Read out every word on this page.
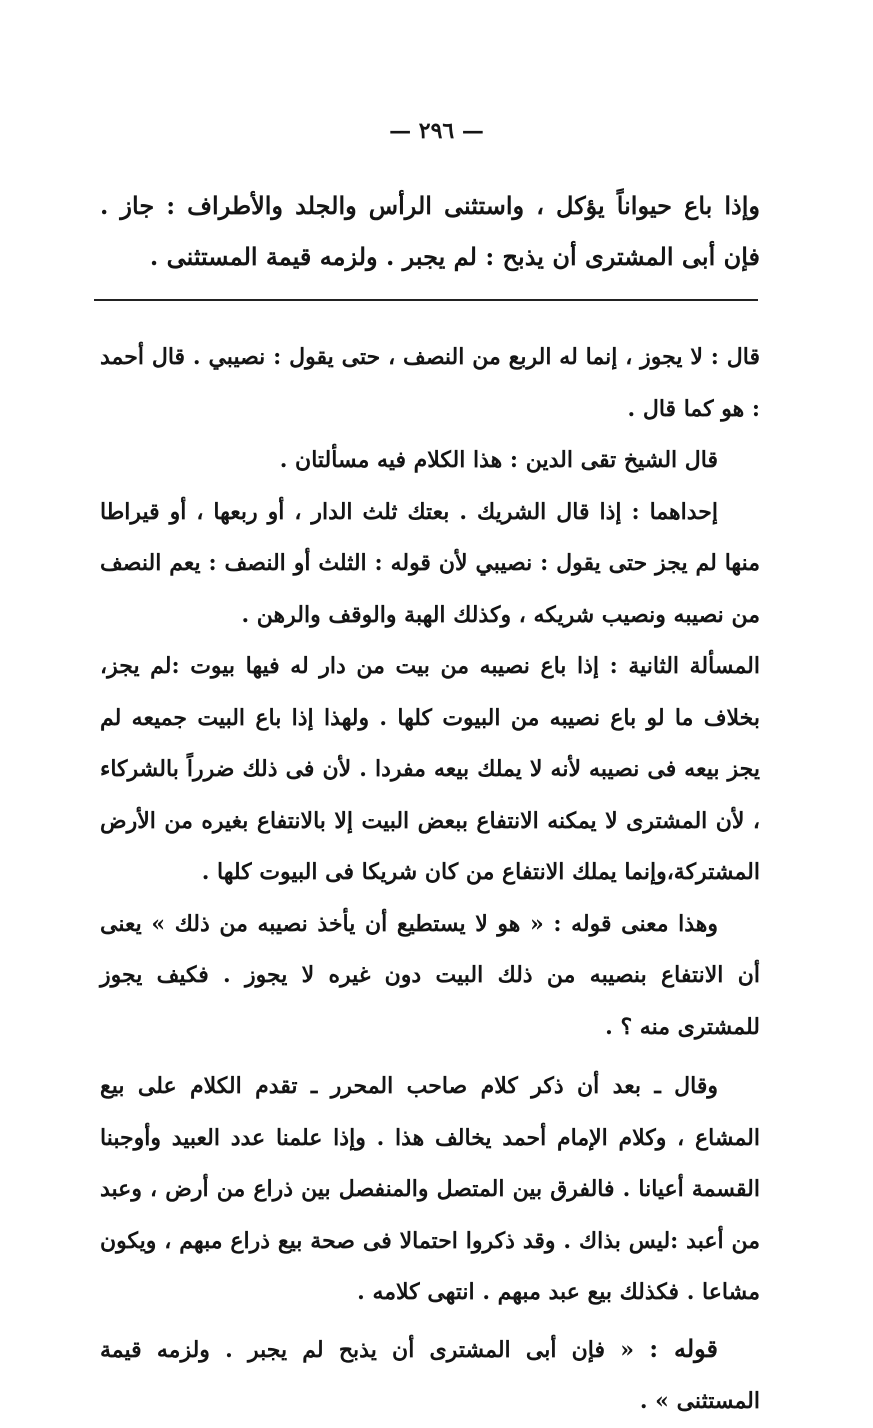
— ٢٩٦ —

وإذا باع حيواناً يؤكل ، واستثنى الرأس والجلد والأطراف : جاز . فإن أبى المشترى أن يذبح : لم يجبر . ولزمه قيمة المستثنى .

قال : لا يجوز ، إنما له الربع من النصف ، حتى يقول : نصيبي . قال أحمد : هو كما قال .

قال الشيخ تقى الدين : هذا الكلام فيه مسألتان .

إحداهما : إذا قال الشريك . بعتك ثلث الدار ، أو ربعها ، أو قيراطا منها لم يجز حتى يقول : نصيبي لأن قوله : الثلث أو النصف : يعم النصف من نصيبه ونصيب شريكه ، وكذلك الهبة والوقف والرهن .

المسألة الثانية : إذا باع نصيبه من بيت من دار له فيها بيوت :لم يجز، بخلاف ما لو باع نصيبه من البيوت كلها . ولهذا إذا باع البيت جميعه لم يجز بيعه فى نصيبه لأنه لا يملك بيعه مفردا . لأن فى ذلك ضرراً بالشركاء ، لأن المشترى لا يمكنه الانتفاع ببعض البيت إلا بالانتفاع بغيره من الأرض المشتركة،وإنما يملك الانتفاع من كان شريكا فى البيوت كلها .

وهذا معنى قوله : « هو لا يستطيع أن يأخذ نصيبه من ذلك » يعنى أن الانتفاع بنصيبه من ذلك البيت دون غيره لا يجوز . فكيف يجوز للمشترى منه ؟ .

وقال ـ بعد أن ذكر كلام صاحب المحرر ـ تقدم الكلام على بيع المشاع ، وكلام الإمام أحمد يخالف هذا . وإذا علمنا عدد العبيد وأوجبنا القسمة أعيانا . فالفرق بين المتصل والمنفصل بين ذراع من أرض ، وعبد من أعبد :ليس بذاك . وقد ذكروا احتمالا فى صحة بيع ذراع مبهم ، ويكون مشاعا . فكذلك بيع عبد مبهم . انتهى كلامه .

قوله : « فإن أبى المشترى أن يذبح لم يجبر . ولزمه قيمة المستثنى » .
